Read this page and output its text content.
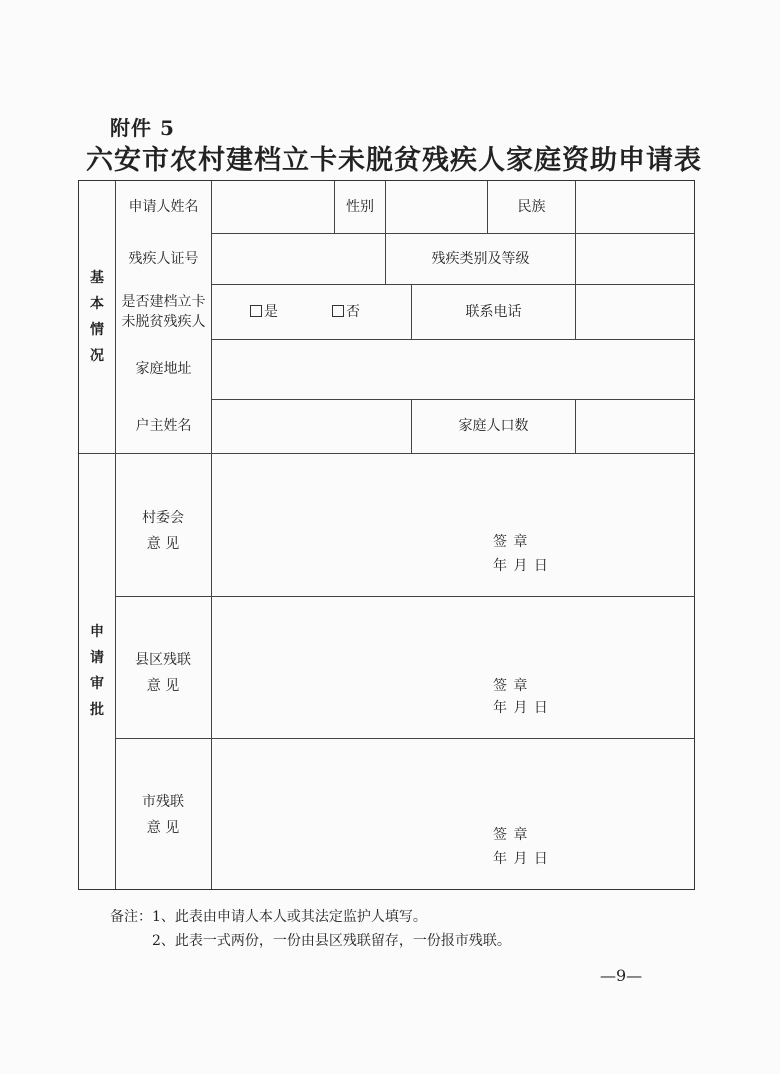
附件 5
六安市农村建档立卡未脱贫残疾人家庭资助申请表
基
本
情
况
申
请
审
批
申请人姓名	性别	民族
残疾人证号	残疾类别及等级
是否建档立卡
未脱贫残疾人
是	否	联系电话
家庭地址
户主姓名	家庭人口数
村委会
意 见	签 章
年 月 日
县区残联
意 见	签 章
年 月 日
市残联
意 见	签 章
年 月 日
备注：1、此表由申请人本人或其法定监护人填写。
2、此表一式两份，一份由县区残联留存，一份报市残联。
—9—
